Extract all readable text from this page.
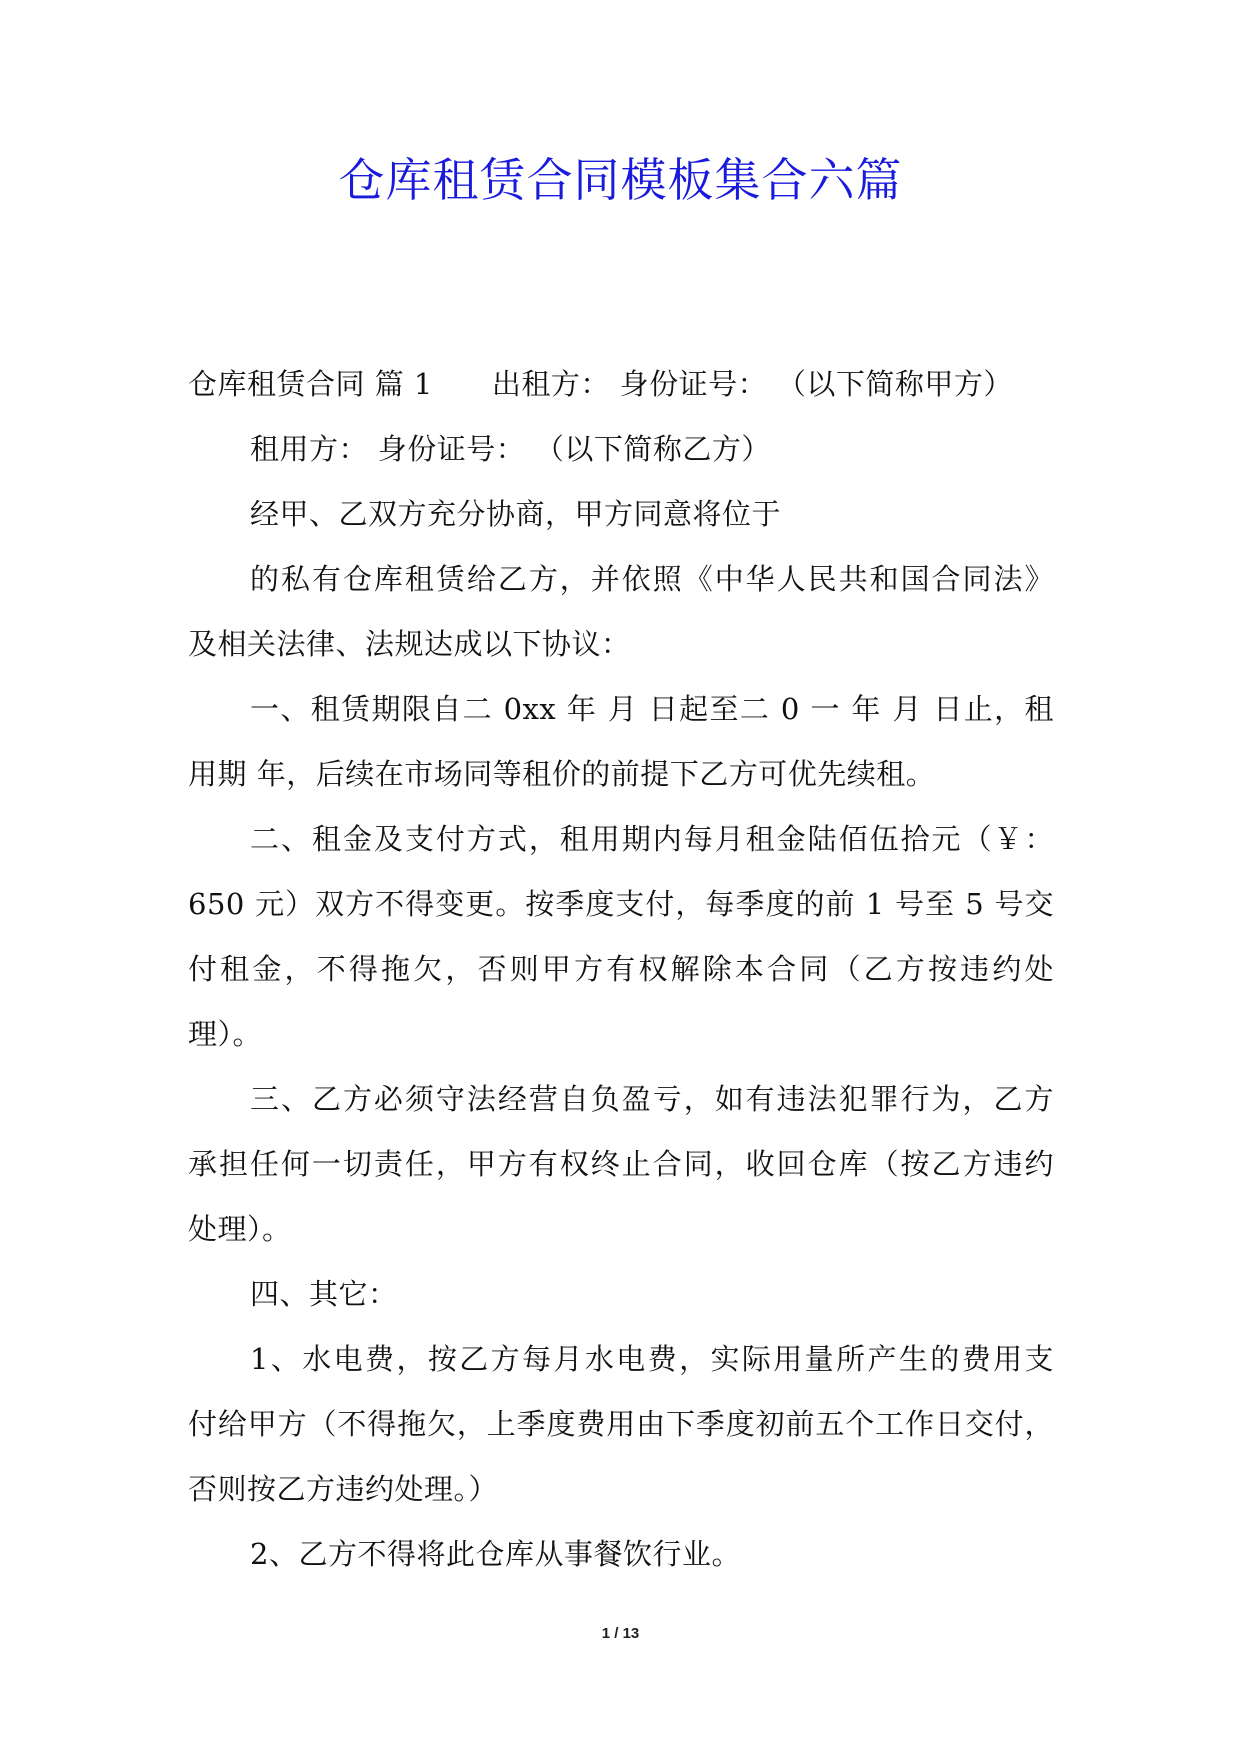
仓库租赁合同模板集合六篇
仓库租赁合同 篇 1　　出租方： 身份证号： （以下简称甲方）
租用方： 身份证号： （以下简称乙方）
经甲、乙双方充分协商，甲方同意将位于
的私有仓库租赁给乙方，并依照《中华人民共和国合同法》
及相关法律、法规达成以下协议：
一、租赁期限自二 0xx 年 月 日起至二 0 一 年 月 日止，租
用期 年，后续在市场同等租价的前提下乙方可优先续租。
二、租金及支付方式，租用期内每月租金陆佰伍拾元（￥：
650 元）双方不得变更。按季度支付，每季度的前 1 号至 5 号交
付租金，不得拖欠，否则甲方有权解除本合同（乙方按违约处
理）。
三、乙方必须守法经营自负盈亏，如有违法犯罪行为，乙方
承担任何一切责任，甲方有权终止合同，收回仓库（按乙方违约
处理）。
四、其它：
1、水电费，按乙方每月水电费，实际用量所产生的费用支
付给甲方（不得拖欠，上季度费用由下季度初前五个工作日交付，
否则按乙方违约处理。）
2、乙方不得将此仓库从事餐饮行业。
1 / 13
